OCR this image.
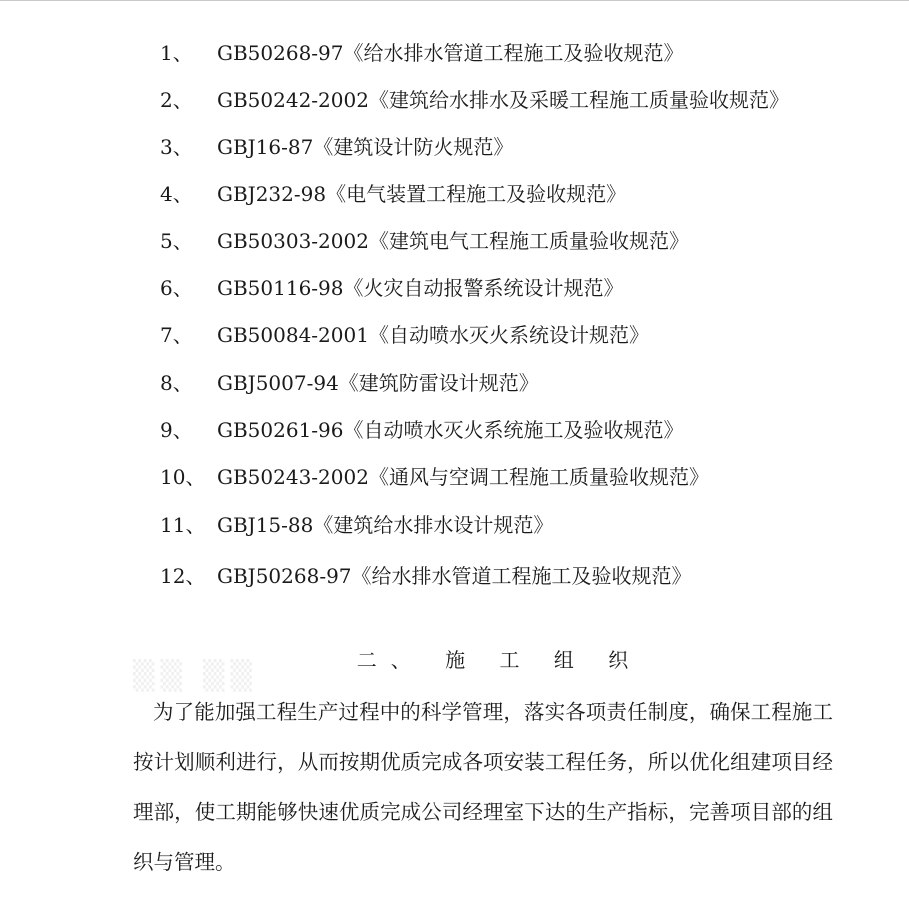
1、	GB50268-97《给水排水管道工程施工及验收规范》
2、	GB50242-2002《建筑给水排水及采暖工程施工质量验收规范》
3、	GBJ16-87《建筑设计防火规范》
4、	GBJ232-98《电气装置工程施工及验收规范》
5、	GB50303-2002《建筑电气工程施工质量验收规范》
6、	GB50116-98《火灾自动报警系统设计规范》
7、	GB50084-2001《自动喷水灭火系统设计规范》
8、	GBJ5007-94《建筑防雷设计规范》
9、	GB50261-96《自动喷水灭火系统施工及验收规范》
10、 GB50243-2002《通风与空调工程施工质量验收规范》
11、 GBJ15-88《建筑给水排水设计规范》
12、 GBJ50268-97《给水排水管道工程施工及验收规范》
▒▒ ▒▒	二、 施 工 组 织

为了能加强工程生产过程中的科学管理，落实各项责任制度，确保工程施工按计划顺利进行，从而按期优质完成各项安装工程任务，所以优化组建项目经理部，使工期能够快速优质完成公司经理室下达的生产指标，完善项目部的组织与管理。
